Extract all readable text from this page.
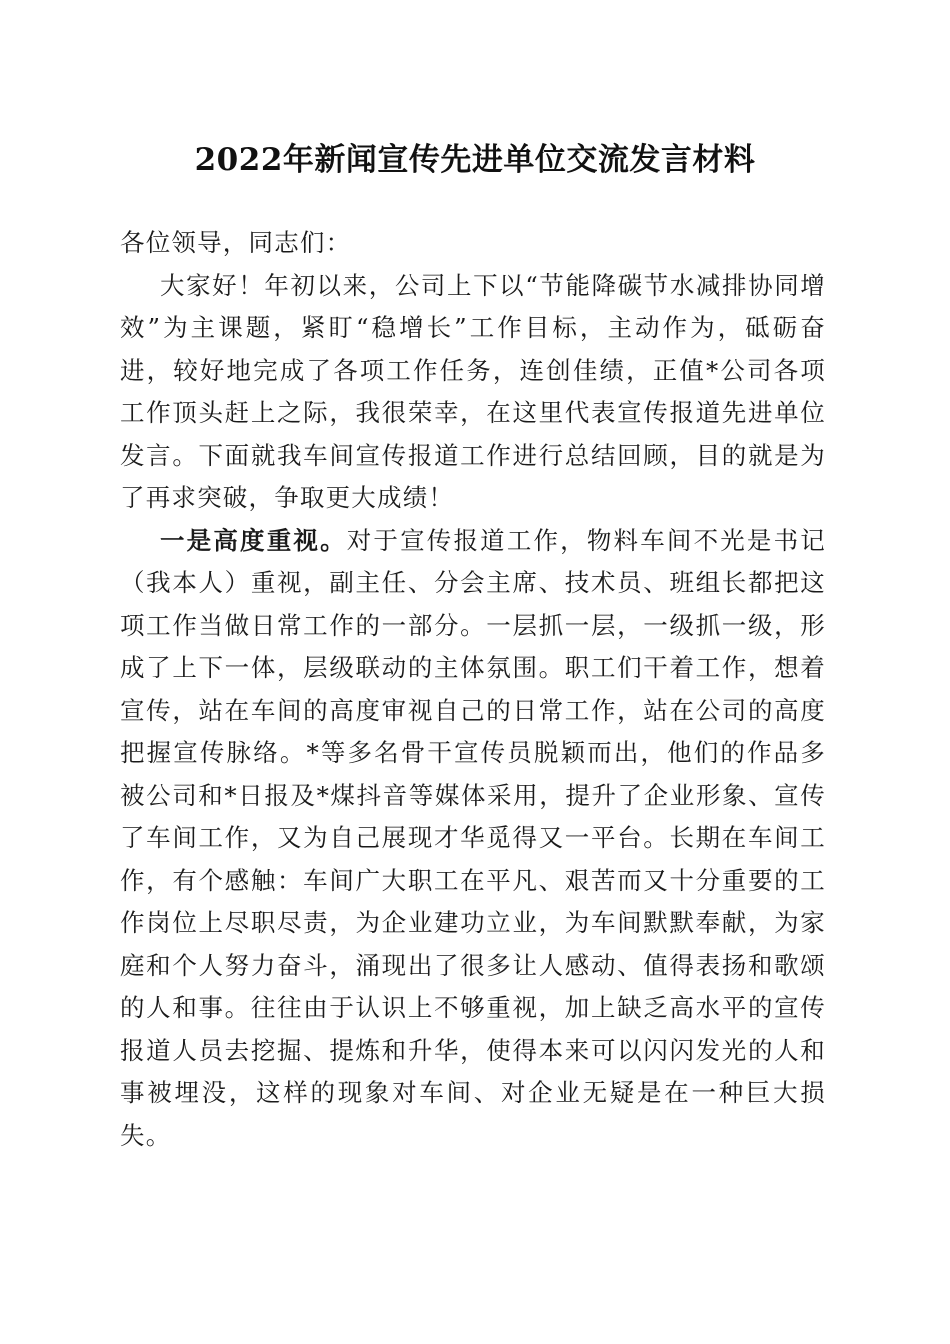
2022年新闻宣传先进单位交流发言材料

各位领导，同志们：

大家好！年初以来，公司上下以“节能降碳节水减排协同增效”为主课题，紧盯“稳增长”工作目标，主动作为，砥砺奋进，较好地完成了各项工作任务，连创佳绩，正值*公司各项工作顶头赶上之际，我很荣幸，在这里代表宣传报道先进单位发言。下面就我车间宣传报道工作进行总结回顾，目的就是为了再求突破，争取更大成绩！

一是高度重视。对于宣传报道工作，物料车间不光是书记（我本人）重视，副主任、分会主席、技术员、班组长都把这项工作当做日常工作的一部分。一层抓一层，一级抓一级，形成了上下一体，层级联动的主体氛围。职工们干着工作，想着宣传，站在车间的高度审视自己的日常工作，站在公司的高度把握宣传脉络。*等多名骨干宣传员脱颖而出，他们的作品多被公司和*日报及*煤抖音等媒体采用，提升了企业形象、宣传了车间工作，又为自己展现才华觅得又一平台。长期在车间工作，有个感触：车间广大职工在平凡、艰苦而又十分重要的工作岗位上尽职尽责，为企业建功立业，为车间默默奉献，为家庭和个人努力奋斗，涌现出了很多让人感动、值得表扬和歌颂的人和事。往往由于认识上不够重视，加上缺乏高水平的宣传报道人员去挖掘、提炼和升华，使得本来可以闪闪发光的人和事被埋没，这样的现象对车间、对企业无疑是在一种巨大损失。
